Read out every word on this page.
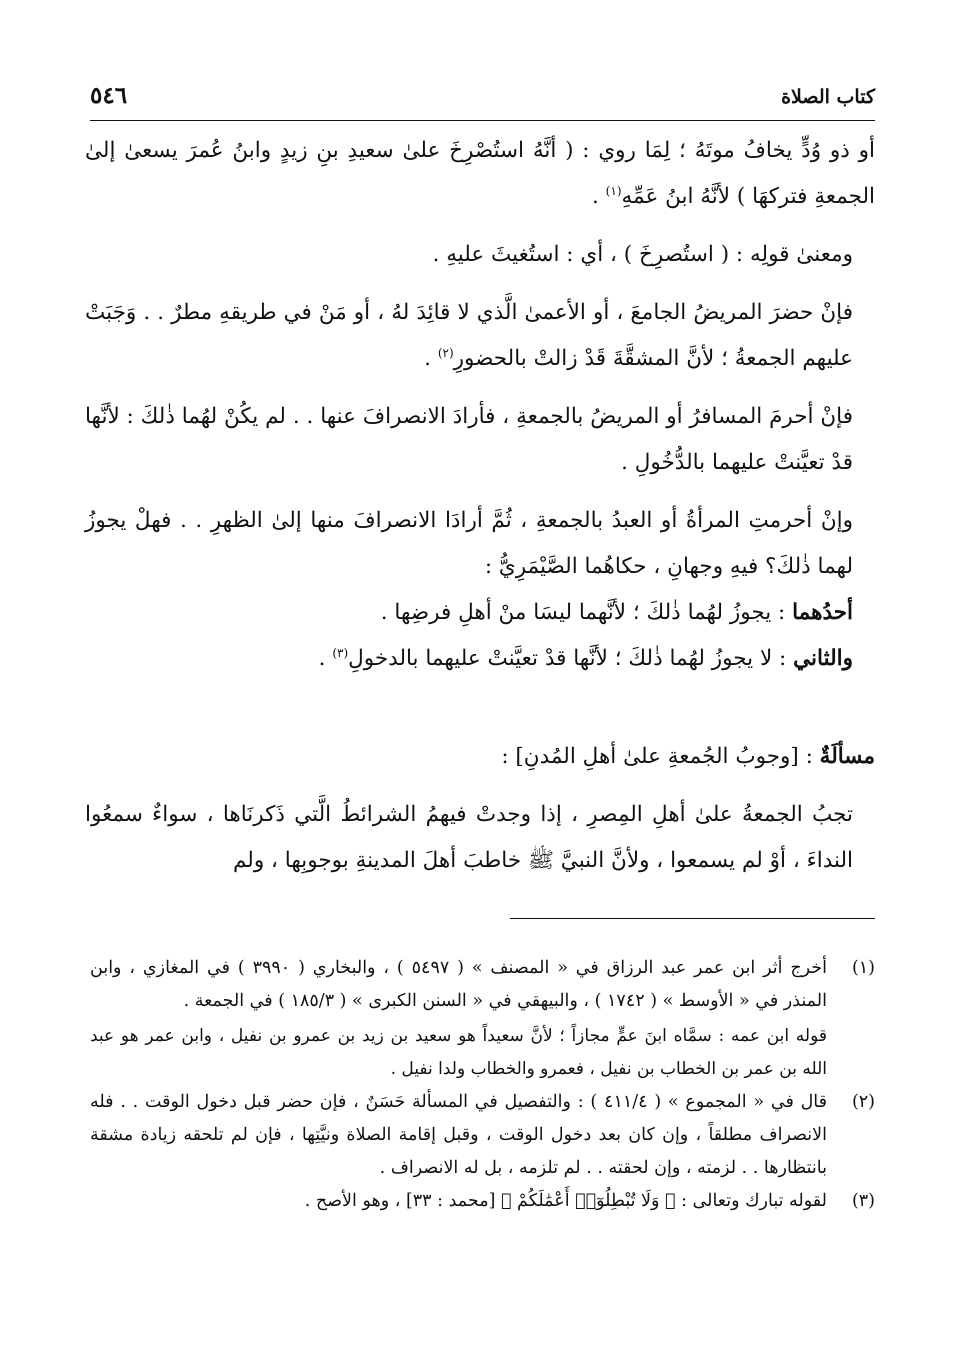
كتاب الصلاة
٥٤٦

أو ذو وُدٍّ يخافُ موتَهُ ؛ لِمَا روي : ( أنَّهُ استُصْرِخَ علىٰ سعيدِ بنِ زيدٍ وابنُ عُمرَ يسعىٰ إلىٰ الجمعةِ فتركهَا ) لأنَّهُ ابنُ عَمِّهِ$^{(١)}$ .

ومعنىٰ قولِه : ( استُصرِخَ ) ، أي : استُغيثَ عليهِ .

فإنْ حضرَ المريضُ الجامعَ ، أو الأعمىٰ الَّذي لا قائِدَ لهُ ، أو مَنْ في طريقهِ مطرٌ . . وَجَبَتْ عليهم الجمعةُ ؛ لأنَّ المشقَّةَ قَدْ زالتْ بالحضورِ$^{(٢)}$ .

فإنْ أحرمَ المسافرُ أو المريضُ بالجمعةِ ، فأرادَ الانصرافَ عنها . . لم يكُنْ لهُما ذٰلكَ : لأنَّها قدْ تعيَّنتْ عليهما بالدُّخُولِ .

وإنْ أحرمتِ المرأةُ أو العبدُ بالجمعةِ ، ثُمَّ أرادَا الانصرافَ منها إلىٰ الظهرِ . . فهلْ يجوزُ لهما ذٰلكَ؟ فيهِ وجهانِ ، حكاهُما الصَّيْمَرِيُّ :

أحدُهما : يجوزُ لهُما ذٰلكَ ؛ لأنَّهما ليسَا منْ أهلِ فرضِها .

والثاني : لا يجوزُ لهُما ذٰلكَ ؛ لأنَّها قدْ تعيَّنتْ عليهما بالدخولِ$^{(٣)}$ .

مسألَةٌ : [وجوبُ الجُمعةِ علىٰ أهلِ المُدنِ] :

تجبُ الجمعةُ علىٰ أهلِ المِصرِ ، إذا وجدتْ فيهمُ الشرائطُ الَّتي ذَكرنَاها ، سواءٌ سمعُوا النداءَ ، أوْ لم يسمعوا ، ولأنَّ النبيَّ ﷺ خاطبَ أهلَ المدينةِ بوجوبِها ، ولم

(١)
أخرج أثر ابن عمر عبد الرزاق في « المصنف » ( ٥٤٩٧ ) ، والبخاري ( ٣٩٩٠ ) في المغازي ، وابن المنذر في « الأوسط » ( ١٧٤٢ ) ، والبيهقي في « السنن الكبرى » ( ١٨٥/٣ ) في الجمعة .
قوله ابن عمه : سمَّاه ابنَ عمٍّ مجازاً ؛ لأنَّ سعيداً هو سعيد بن زيد بن عمرو بن نفيل ، وابن عمر هو عبد الله بن عمر بن الخطاب بن نفيل ، فعمرو والخطاب ولدا نفيل .
(٢)
قال في « المجموع » ( ٤١١/٤ ) : والتفصيل في المسألة حَسَنٌ ، فإن حضر قبل دخول الوقت . . فله الانصراف مطلقاً ، وإن كان بعد دخول الوقت ، وقبل إقامة الصلاة ونيَّتِها ، فإن لم تلحقه زيادة مشقة بانتظارها . . لزمته ، وإن لحقته . . لم تلزمه ، بل له الانصراف .
(٣)
لقوله تبارك وتعالى : ﴿ وَلَا تُبْطِلُوٓا۟ أَعْمَٰلَكُمْ ﴾ [محمد : ٣٣] ، وهو الأصح .
